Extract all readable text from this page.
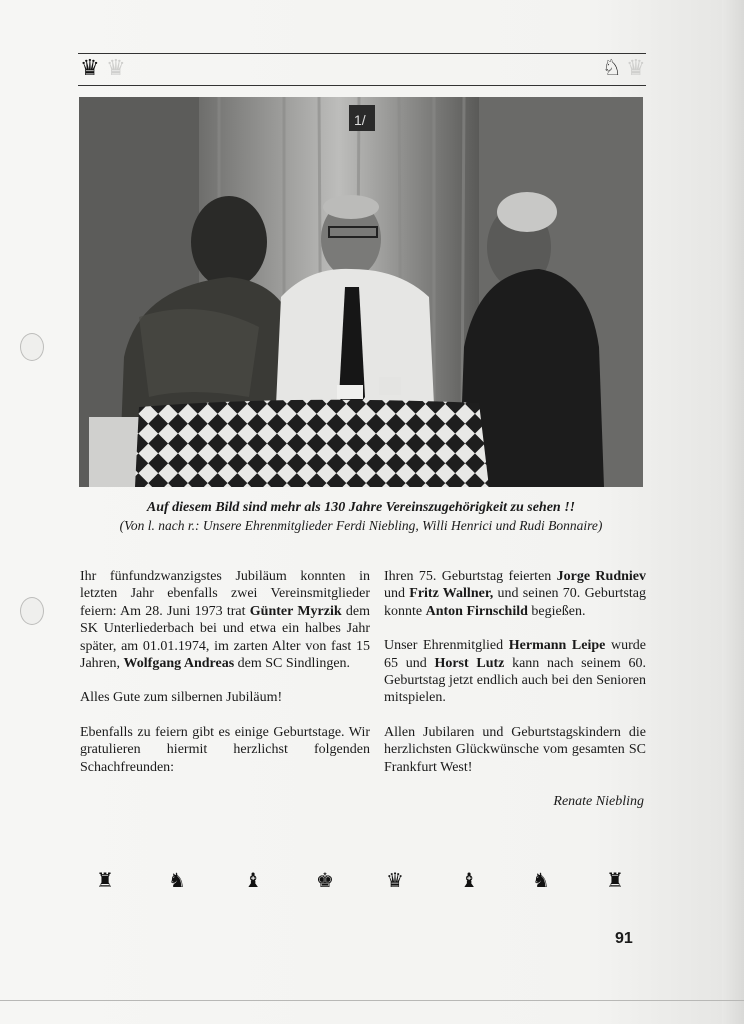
♛ ♛	♘ ♛
1/
Auf diesem Bild sind mehr als 130 Jahre Vereinszugehörigkeit zu sehen !!
(Von l. nach r.: Unsere Ehrenmitglieder Ferdi Niebling, Willi Henrici und Rudi Bonnaire)

Ihr fünfundzwanzigstes Jubiläum konnten in letzten Jahr ebenfalls zwei Vereinsmitglieder feiern: Am 28. Juni 1973 trat Günter Myrzik dem SK Unterliederbach bei und etwa ein halbes Jahr später, am 01.01.1974, im zarten Alter von fast 15 Jahren, Wolfgang Andreas dem SC Sindlingen.

Alles Gute zum silbernen Jubiläum!

Ebenfalls zu feiern gibt es einige Geburtstage. Wir gratulieren hiermit herzlichst folgenden Schachfreunden:

Ihren 75. Geburtstag feierten Jorge Rudniev und Fritz Wallner, und seinen 70. Geburtstag konnte Anton Firnschild begießen.

Unser Ehrenmitglied Hermann Leipe wurde 65 und Horst Lutz kann nach seinem 60. Geburtstag jetzt endlich auch bei den Senioren mitspielen.

Allen Jubilaren und Geburtstagskindern die herzlichsten Glückwünsche vom gesamten SC Frankfurt West!

Renate Niebling
♜	♞	♝	♚	♛	♝	♞	♜
91
